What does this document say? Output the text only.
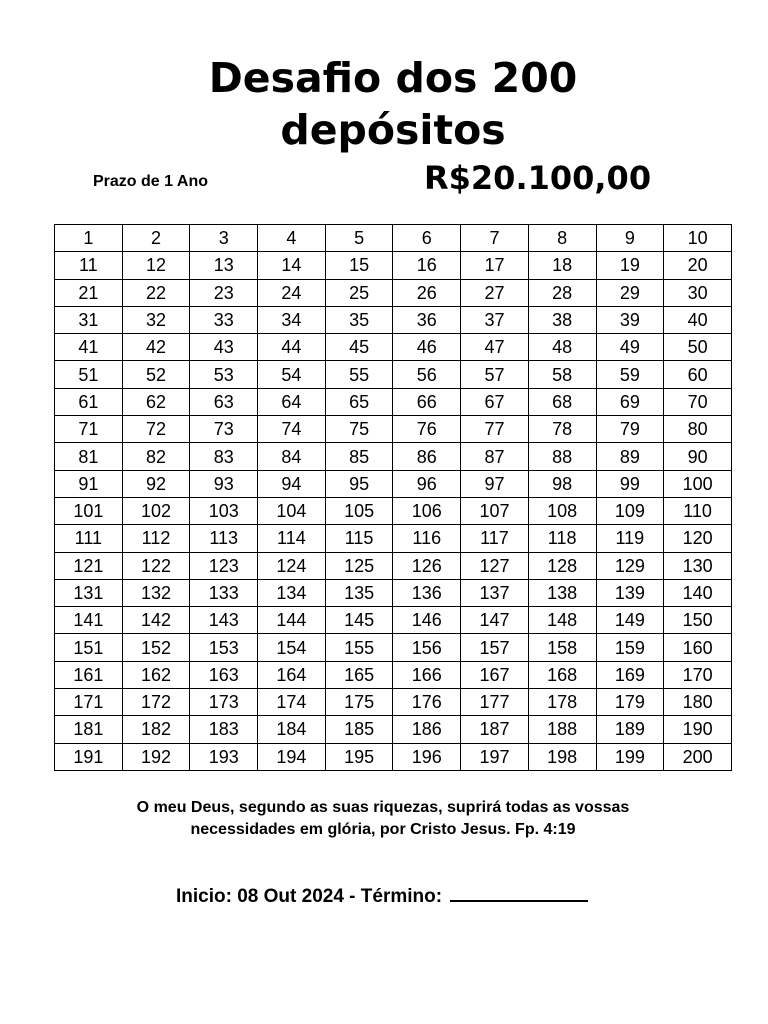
Desafio dos 200
depósitos
Prazo de 1 Ano	R$20.100,00
1	2	3	4	5	6	7	8	9	10
11	12	13	14	15	16	17	18	19	20
21	22	23	24	25	26	27	28	29	30
31	32	33	34	35	36	37	38	39	40
41	42	43	44	45	46	47	48	49	50
51	52	53	54	55	56	57	58	59	60
61	62	63	64	65	66	67	68	69	70
71	72	73	74	75	76	77	78	79	80
81	82	83	84	85	86	87	88	89	90
91	92	93	94	95	96	97	98	99	100
101	102	103	104	105	106	107	108	109	110
111	112	113	114	115	116	117	118	119	120
121	122	123	124	125	126	127	128	129	130
131	132	133	134	135	136	137	138	139	140
141	142	143	144	145	146	147	148	149	150
151	152	153	154	155	156	157	158	159	160
161	162	163	164	165	166	167	168	169	170
171	172	173	174	175	176	177	178	179	180
181	182	183	184	185	186	187	188	189	190
191	192	193	194	195	196	197	198	199	200

O meu Deus, segundo as suas riquezas, suprirá todas as vossas
necessidades em glória, por Cristo Jesus. Fp. 4:19

Inicio: 08 Out 2024 - Término:
